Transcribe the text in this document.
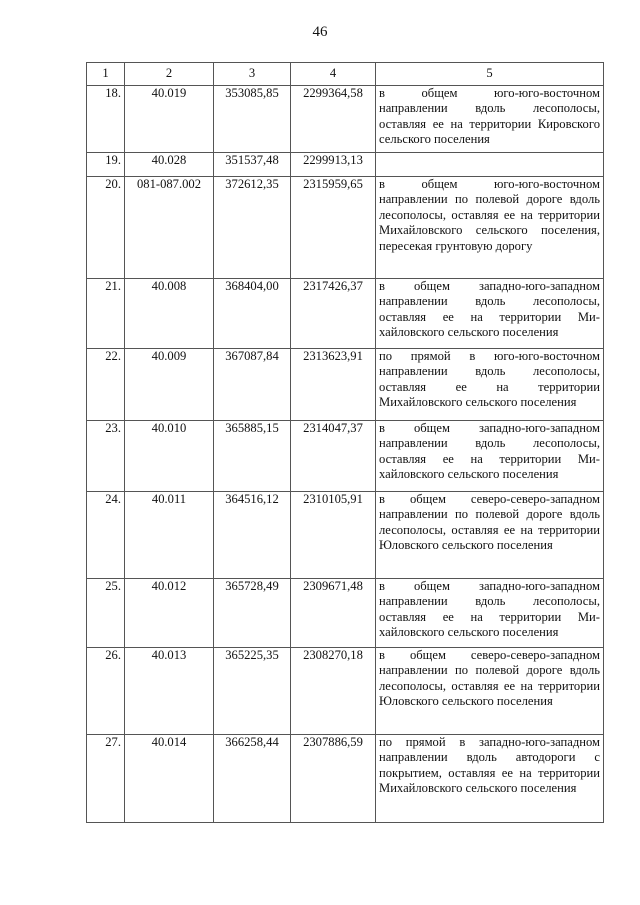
46
1	2	3	4	5
18.	40.019	353085,85	2299364,58	в общем юго-юго-восточном направлении вдоль лесополосы, оставляя ее на территории Кировского сельского поселения
19.	40.028	351537,48	2299913,13	
20.	081-087.002	372612,35	2315959,65	в общем юго-юго-восточном направлении по полевой дороге вдоль лесополосы, оставляя ее на территории Михайловского сельского поселения, пересекая грунтовую дорогу
21.	40.008	368404,00	2317426,37	в общем западно-юго-западном направлении вдоль лесополосы, оставляя ее на территории Михайловского сельского поселения
22.	40.009	367087,84	2313623,91	по прямой в юго-юго-восточном направлении вдоль лесополосы, оставляя ее на территории Михайловского сельского поселения
23.	40.010	365885,15	2314047,37	в общем западно-юго-западном направлении вдоль лесополосы, оставляя ее на территории Михайловского сельского поселения
24.	40.011	364516,12	2310105,91	в общем северо-северо-западном направлении по полевой дороге вдоль лесополосы, оставляя ее на территории Юловского сельского поселения
25.	40.012	365728,49	2309671,48	в общем западно-юго-западном направлении вдоль лесополосы, оставляя ее на территории Михайловского сельского поселения
26.	40.013	365225,35	2308270,18	в общем северо-северо-западном направлении по полевой дороге вдоль лесополосы, оставляя ее на территории Юловского сельского поселения
27.	40.014	366258,44	2307886,59	по прямой в западно-юго-западном направлении вдоль автодороги с покрытием, оставляя ее на территории Михайловского сельского поселения
